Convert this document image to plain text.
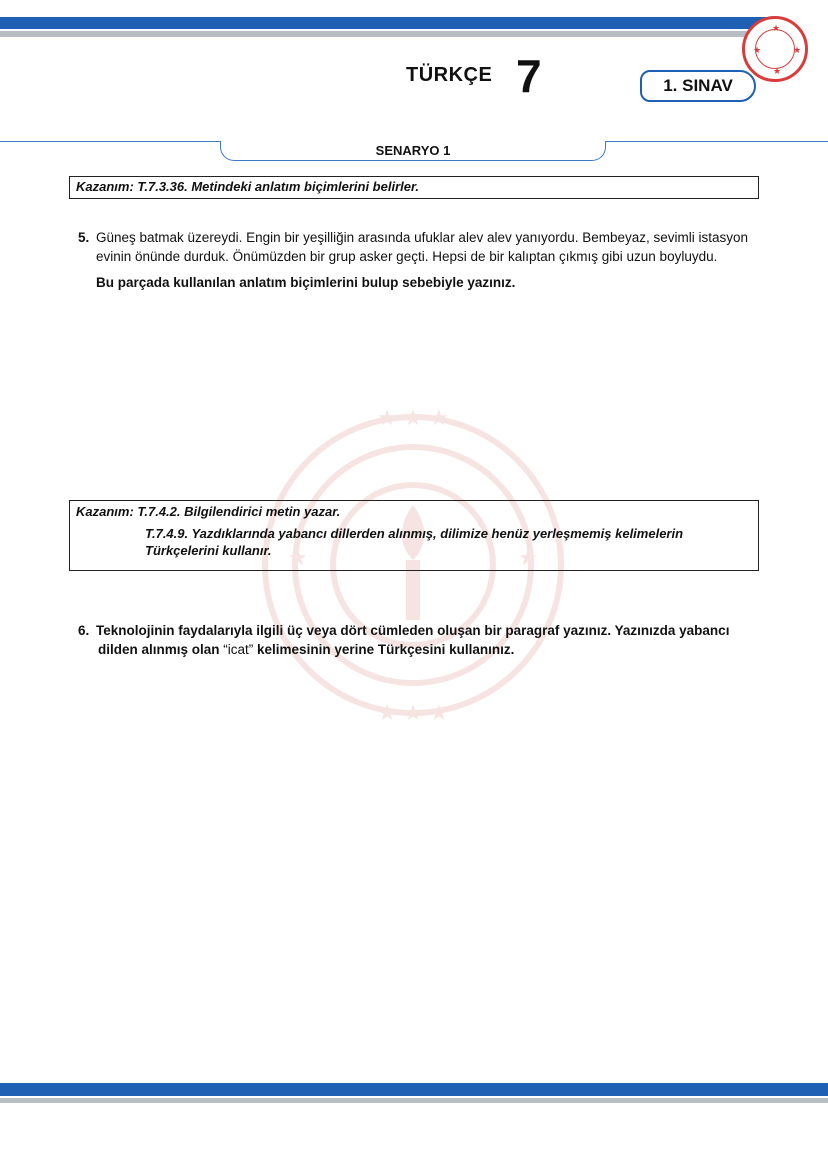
★	★
★
★
TÜRKÇE 7	1. SINAV
SENARYO 1
Kazanım: T.7.3.36. Metindeki anlatım biçimlerini belirler.
5. Güneş batmak üzereydi. Engin bir yeşilliğin arasında ufuklar alev alev yanıyordu. Bembeyaz, sevimli istasyon
evinin önünde durduk. Önümüzden bir grup asker geçti. Hepsi de bir kalıptan çıkmış gibi uzun boyluydu.
Bu parçada kullanılan anlatım biçimlerini bulup sebebiyle yazınız.
★ ★ ★
★	★
★ ★ ★
Kazanım: T.7.4.2. Bilgilendirici metin yazar.
T.7.4.9. Yazdıklarında yabancı dillerden alınmış, dilimize henüz yerleşmemiş kelimelerin
Türkçelerini kullanır.
6. Teknolojinin faydalarıyla ilgili üç veya dört cümleden oluşan bir paragraf yazınız. Yazınızda yabancı
dilden alınmış olan “icat” kelimesinin yerine Türkçesini kullanınız.
